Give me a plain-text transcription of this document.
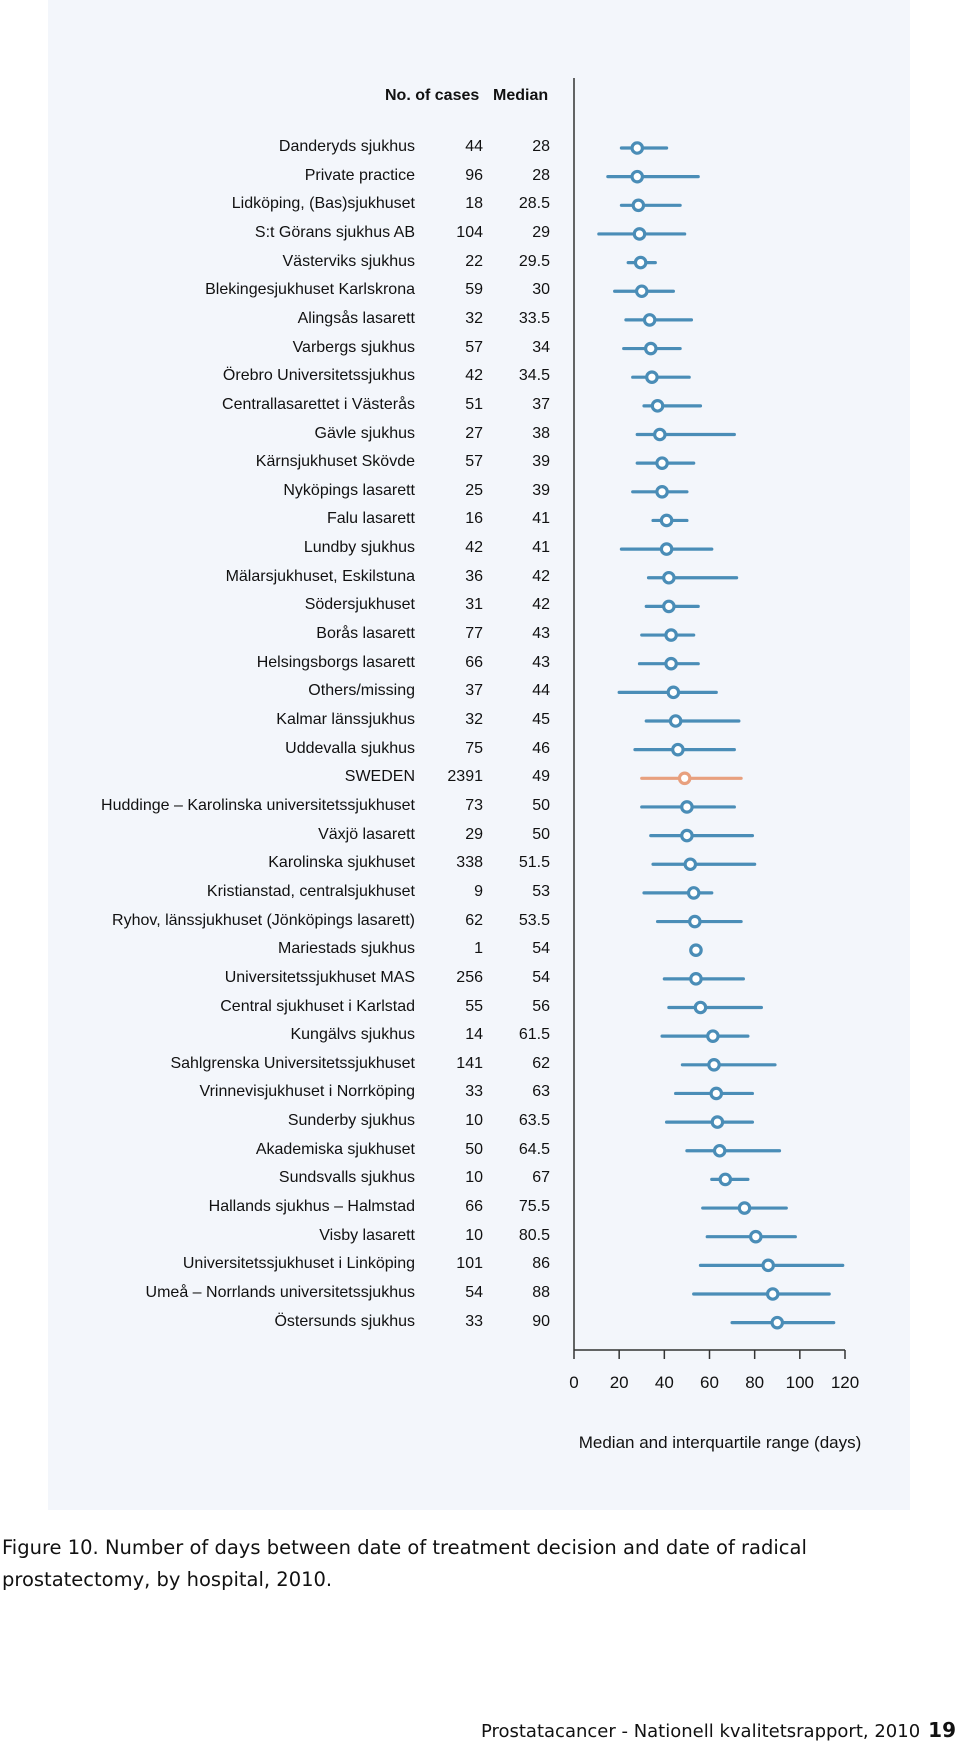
No. of cases Median
Danderyds sjukhus	44	28
Private practice	96	28
Lidköping, (Bas)sjukhuset	18 28.5
S:t Görans sjukhus AB	104	29
Västerviks sjukhus	22 29.5
Blekingesjukhuset Karlskrona	59	30
Alingsås lasarett	32 33.5
Varbergs sjukhus	57	34
Örebro Universitetssjukhus	42 34.5
Centrallasarettet i Västerås	51	37
Gävle sjukhus	27	38
Kärnsjukhuset Skövde	57	39
Nyköpings lasarett	25	39
Falu lasarett	16	41
Lundby sjukhus	42	41
Mälarsjukhuset, Eskilstuna	36	42
Södersjukhuset	31	42
Borås lasarett	77	43
Helsingsborgs lasarett	66	43
Others/missing	37	44
Kalmar länssjukhus	32	45
Uddevalla sjukhus	75	46
SWEDEN 2391	49
Huddinge – Karolinska universitetssjukhuset	73	50
Växjö lasarett	29	50
Karolinska sjukhuset	338 51.5
Kristianstad, centralsjukhuset	9	53
Ryhov, länssjukhuset (Jönköpings lasarett)	62 53.5
Mariestads sjukhus	1	54
Universitetssjukhuset MAS	256	54
Central sjukhuset i Karlstad	55	56
Kungälvs sjukhus	14 61.5
Sahlgrenska Universitetssjukhuset	141	62
Vrinnevisjukhuset i Norrköping	33	63
Sunderby sjukhus	10 63.5
Akademiska sjukhuset	50 64.5
Sundsvalls sjukhus	10	67
Hallands sjukhus – Halmstad	66 75.5
Visby lasarett	10 80.5
Universitetssjukhuset i Linköping	101	86
Umeå – Norrlands universitetssjukhus	54	88
Östersunds sjukhus	33	90
0 20 40 60 80 100 120
Median and interquartile range (days)
Figure 10. Number of days between date of treatment decision and date of radical prostatectomy, by hospital, 2010.
Prostatacancer - Nationell kvalitetsrapport, 2010 19
